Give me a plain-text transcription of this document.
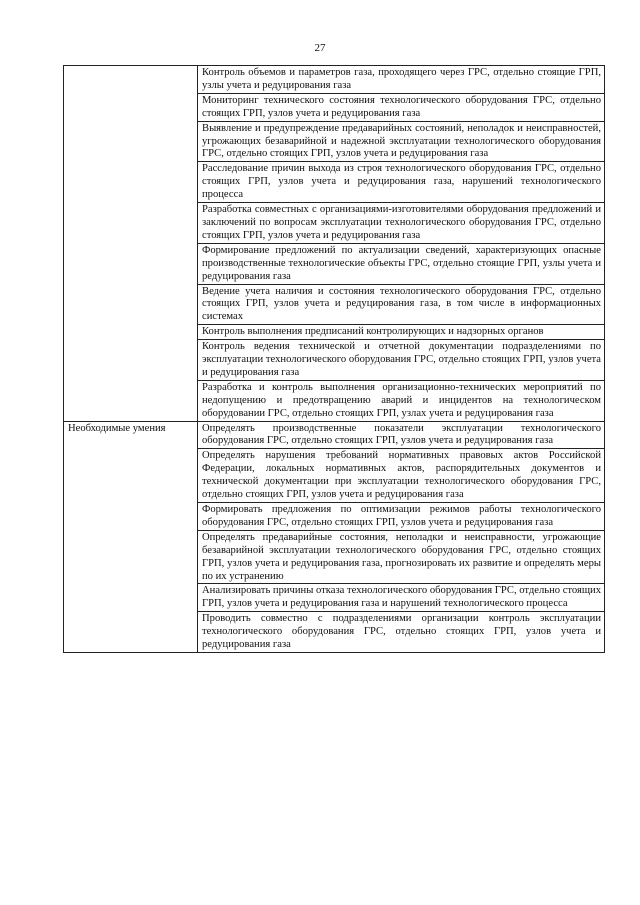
27

	Контроль объемов и параметров газа, проходящего через ГРС, отдельно стоящие ГРП, узлы учета и редуцирования газа

	Мониторинг технического состояния технологического оборудования ГРС, отдельно стоящих ГРП, узлов учета и редуцирования газа

	Выявление и предупреждение предаварийных состояний, неполадок и неисправностей, угрожающих безаварийной и надежной эксплуатации технологического оборудования ГРС, отдельно стоящих ГРП, узлов учета и редуцирования газа

	Расследование причин выхода из строя технологического оборудования ГРС, отдельно стоящих ГРП, узлов учета и редуцирования газа, нарушений технологического процесса

	Разработка совместных с организациями-изготовителями оборудования предложений и заключений по вопросам эксплуатации технологического оборудования ГРС, отдельно стоящих ГРП, узлов учета и редуцирования газа

	Формирование предложений по актуализации сведений, характеризующих опасные производственные технологические объекты ГРС, отдельно стоящие ГРП, узлы учета и редуцирования газа

	Ведение учета наличия и состояния технологического оборудования ГРС, отдельно стоящих ГРП, узлов учета и редуцирования газа, в том числе в информационных системах

	Контроль выполнения предписаний контролирующих и надзорных органов

	Контроль ведения технической и отчетной документации подразделениями по эксплуатации технологического оборудования ГРС, отдельно стоящих ГРП, узлов учета и редуцирования газа

	Разработка и контроль выполнения организационно-технических мероприятий по недопущению и предотвращению аварий и инцидентов на технологическом оборудовании ГРС, отдельно стоящих ГРП, узлах учета и редуцирования газа

Необходимые умения	Определять производственные показатели эксплуатации технологического оборудования ГРС, отдельно стоящих ГРП, узлов учета и редуцирования газа

	Определять нарушения требований нормативных правовых актов Российской Федерации, локальных нормативных актов, распорядительных документов и технической документации при эксплуатации технологического оборудования ГРС, отдельно стоящих ГРП, узлов учета и редуцирования газа

	Формировать предложения по оптимизации режимов работы технологического оборудования ГРС, отдельно стоящих ГРП, узлов учета и редуцирования газа

	Определять предаварийные состояния, неполадки и неисправности, угрожающие безаварийной эксплуатации технологического оборудования ГРС, отдельно стоящих ГРП, узлов учета и редуцирования газа, прогнозировать их развитие и определять меры по их устранению

	Анализировать причины отказа технологического оборудования ГРС, отдельно стоящих ГРП, узлов учета и редуцирования газа и нарушений технологического процесса

	Проводить совместно с подразделениями организации контроль эксплуатации технологического оборудования ГРС, отдельно стоящих ГРП, узлов учета и редуцирования газа
